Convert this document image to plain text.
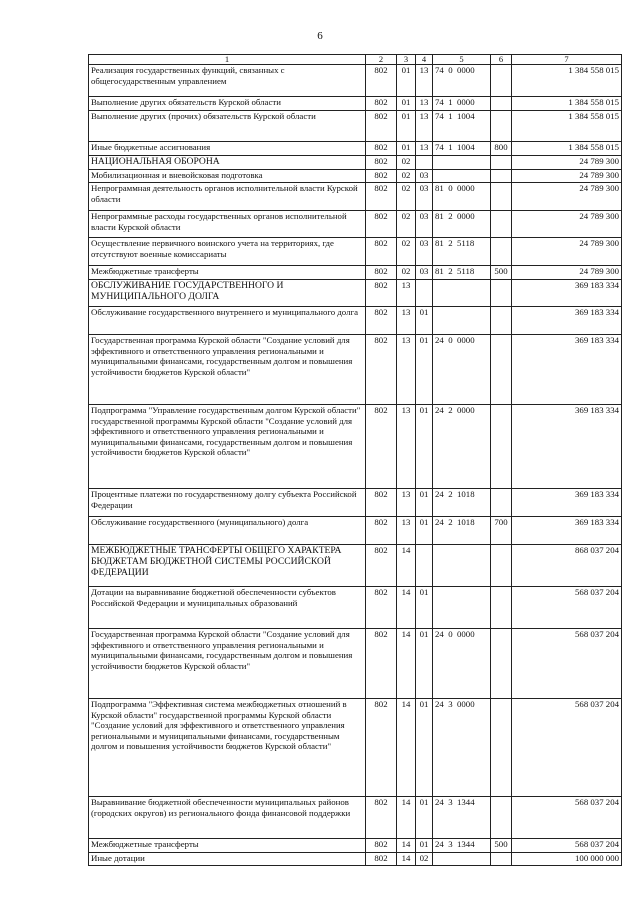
6
1	2	3	4	5	6	7
Реализация государственных функций, связанных с общегосударственным управлением	802	01	13	74  0  0000		1 384 558 015
Выполнение других обязательств Курской области	802	01	13	74  1  0000		1 384 558 015
Выполнение других (прочих) обязательств Курской области	802	01	13	74  1  1004		1 384 558 015
Иные бюджетные ассигнования	802	01	13	74  1  1004	800	1 384 558 015
НАЦИОНАЛЬНАЯ ОБОРОНА	802	02				24 789 300
Мобилизационная и вневойсковая подготовка	802	02	03			24 789 300
Непрограммная деятельность органов исполнительной власти Курской области	802	02	03	81  0  0000		24 789 300
Непрограммные расходы государственных органов исполнительной власти Курской области	802	02	03	81  2  0000		24 789 300
Осуществление первичного воинского учета на территориях, где отсутствуют военные комиссариаты	802	02	03	81  2  5118		24 789 300
Межбюджетные трансферты	802	02	03	81  2  5118	500	24 789 300
ОБСЛУЖИВАНИЕ ГОСУДАРСТВЕННОГО И МУНИЦИПАЛЬНОГО ДОЛГА	802	13				369 183 334
Обслуживание государственного внутреннего и муниципального долга	802	13	01			369 183 334
Государственная программа Курской области "Создание условий для эффективного и ответственного управления региональными и муниципальными финансами, государственным долгом и повышения устойчивости бюджетов Курской области"	802	13	01	24  0  0000		369 183 334
Подпрограмма "Управление государственным долгом Курской области" государственной программы Курской области "Создание условий для эффективного и ответственного управления региональными и муниципальными финансами, государственным долгом и повышения устойчивости бюджетов Курской области"	802	13	01	24  2  0000		369 183 334
Процентные платежи по государственному долгу субъекта Российской Федерации	802	13	01	24  2  1018		369 183 334
Обслуживание государственного (муниципального) долга	802	13	01	24  2  1018	700	369 183 334
МЕЖБЮДЖЕТНЫЕ ТРАНСФЕРТЫ ОБЩЕГО ХАРАКТЕРА БЮДЖЕТАМ БЮДЖЕТНОЙ СИСТЕМЫ РОССИЙСКОЙ ФЕДЕРАЦИИ	802	14				868 037 204
Дотации на выравнивание бюджетной обеспеченности субъектов Российской Федерации и муниципальных образований	802	14	01			568 037 204
Государственная программа Курской области "Создание условий для эффективного и ответственного управления региональными и муниципальными финансами, государственным долгом и повышения устойчивости бюджетов Курской области"	802	14	01	24  0  0000		568 037 204
Подпрограмма "Эффективная система межбюджетных отношений в Курской области" государственной программы Курской области "Создание условий для эффективного и ответственного управления региональными и муниципальными финансами, государственным долгом и повышения устойчивости бюджетов Курской области"	802	14	01	24  3  0000		568 037 204
Выравнивание бюджетной обеспеченности муниципальных районов (городских округов) из регионального фонда финансовой поддержки	802	14	01	24  3  1344		568 037 204
Межбюджетные трансферты	802	14	01	24  3  1344	500	568 037 204
Иные дотации	802	14	02			100 000 000
